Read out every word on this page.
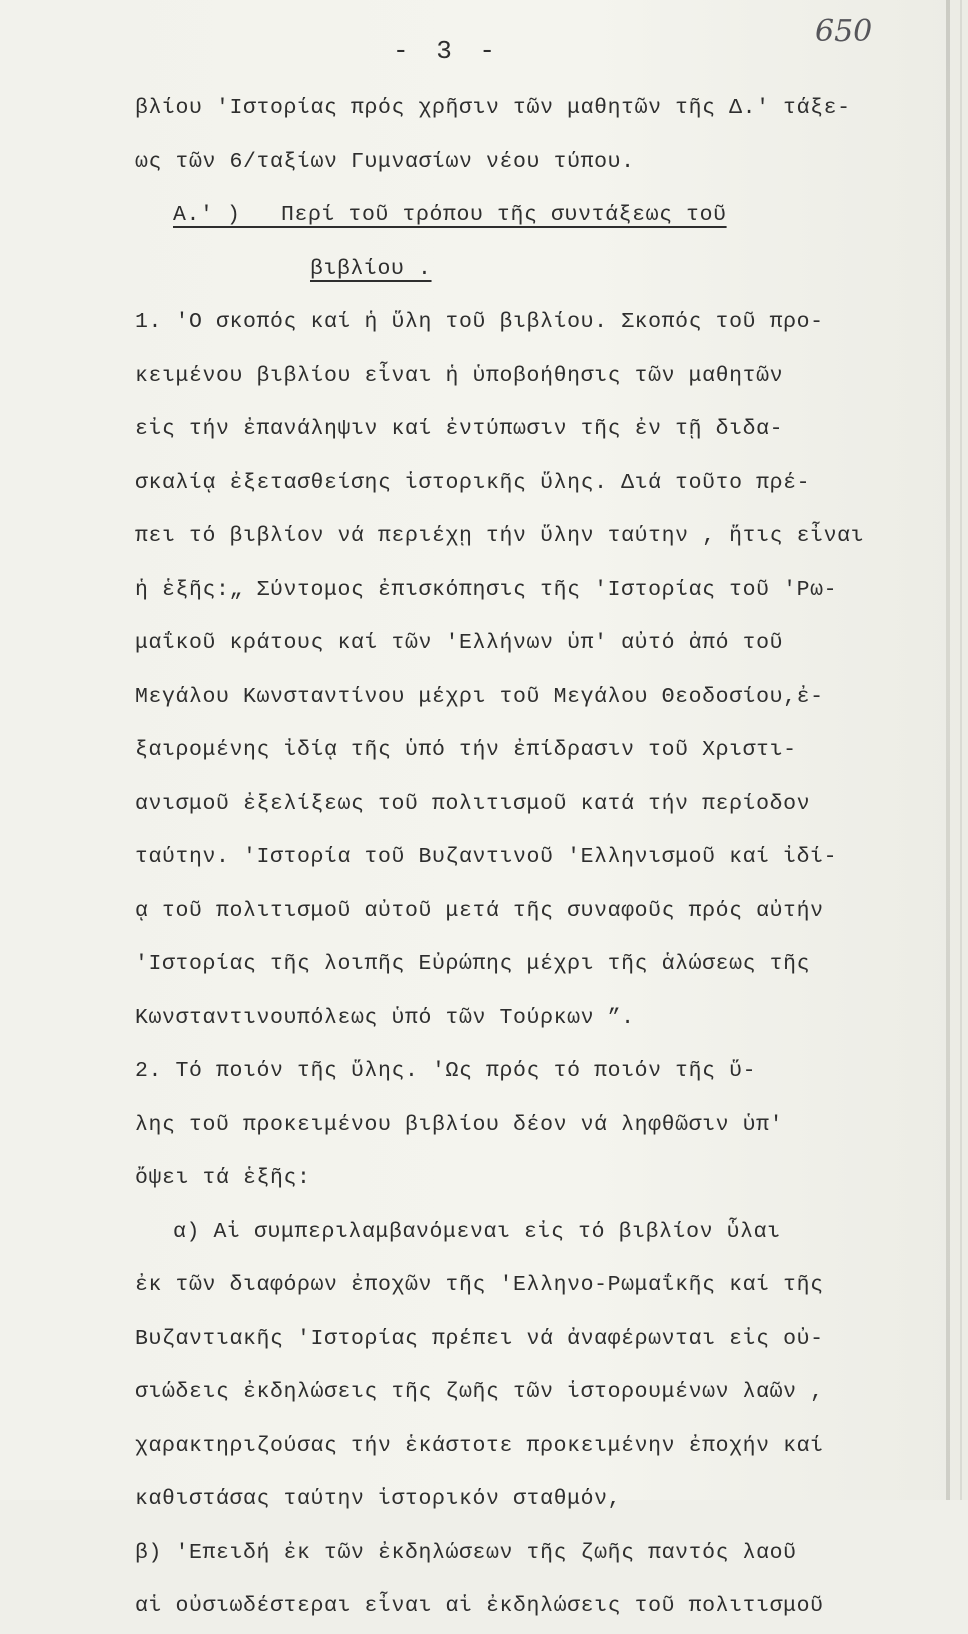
- 3 -
650
βλίου 'Ιστορίας πρός χρῆσιν τῶν μαθητῶν τῆς Δ.' τάξε-
ως τῶν 6/ταξίων Γυμνασίων νέου τύπου.
A.' )   Περί τοῦ τρόπου τῆς συντάξεως τοῦ
βιβλίου .
1. 'Ο σκοπός καί ἡ ὕλη τοῦ βιβλίου. Σκοπός τοῦ προ-
κειμένου βιβλίου εἶναι ἡ ὑποβοήθησις τῶν μαθητῶν
εἰς τήν ἐπανάληψιν καί ἐντύπωσιν τῆς ἐν τῇ διδα-
σκαλίᾳ ἐξετασθείσης ἱστορικῆς ὕλης. Διά τοῦτο πρέ-
πει τό βιβλίον νά περιέχῃ τήν ὕλην ταύτην , ἥτις εἶναι
ἡ ἑξῆς:„ Σύντομος ἐπισκόπησις τῆς 'Ιστορίας τοῦ 'Ρω-
μαΐκοῦ κράτους καί τῶν 'Ελλήνων ὑπ' αὐτό ἀπό τοῦ
Μεγάλου Κωνσταντίνου μέχρι τοῦ Μεγάλου Θεοδοσίου,ἐ-
ξαιρομένης ἰδίᾳ τῆς ὑπό τήν ἐπίδρασιν τοῦ Χριστι-
ανισμοῦ ἐξελίξεως τοῦ πολιτισμοῦ κατά τήν περίοδον
ταύτην. 'Ιστορία τοῦ Βυζαντινοῦ 'Ελληνισμοῦ καί ἰδί-
ᾳ τοῦ πολιτισμοῦ αὐτοῦ μετά τῆς συναφοῦς πρός αὐτήν
'Ιστορίας τῆς λοιπῆς Εὐρώπης μέχρι τῆς ἁλώσεως τῆς
Κωνσταντινουπόλεως ὑπό τῶν Τούρκων ”.
2. Τό ποιόν τῆς ὕλης. 'Ως πρός τό ποιόν τῆς ὕ-
λης τοῦ προκειμένου βιβλίου δέον νά ληφθῶσιν ὑπ'
ὄψει τά ἑξῆς:
α) Αἱ συμπεριλαμβανόμεναι εἰς τό βιβλίον ὗλαι
ἐκ τῶν διαφόρων ἐποχῶν τῆς 'Ελληνο-Ρωμαΐκῆς καί τῆς
Βυζαντιακῆς 'Ιστορίας πρέπει νά ἀναφέρωνται εἰς οὐ-
σιώδεις ἐκδηλώσεις τῆς ζωῆς τῶν ἱστορουμένων λαῶν ,
χαρακτηριζούσας τήν ἑκάστοτε προκειμένην ἐποχήν καί
καθιστάσας ταύτην ἱστορικόν σταθμόν,
β) 'Επειδή ἐκ τῶν ἐκδηλώσεων τῆς ζωῆς παντός λαοῦ
αἱ οὐσιωδέστεραι εἶναι αἱ ἐκδηλώσεις τοῦ πολιτισμοῦ
